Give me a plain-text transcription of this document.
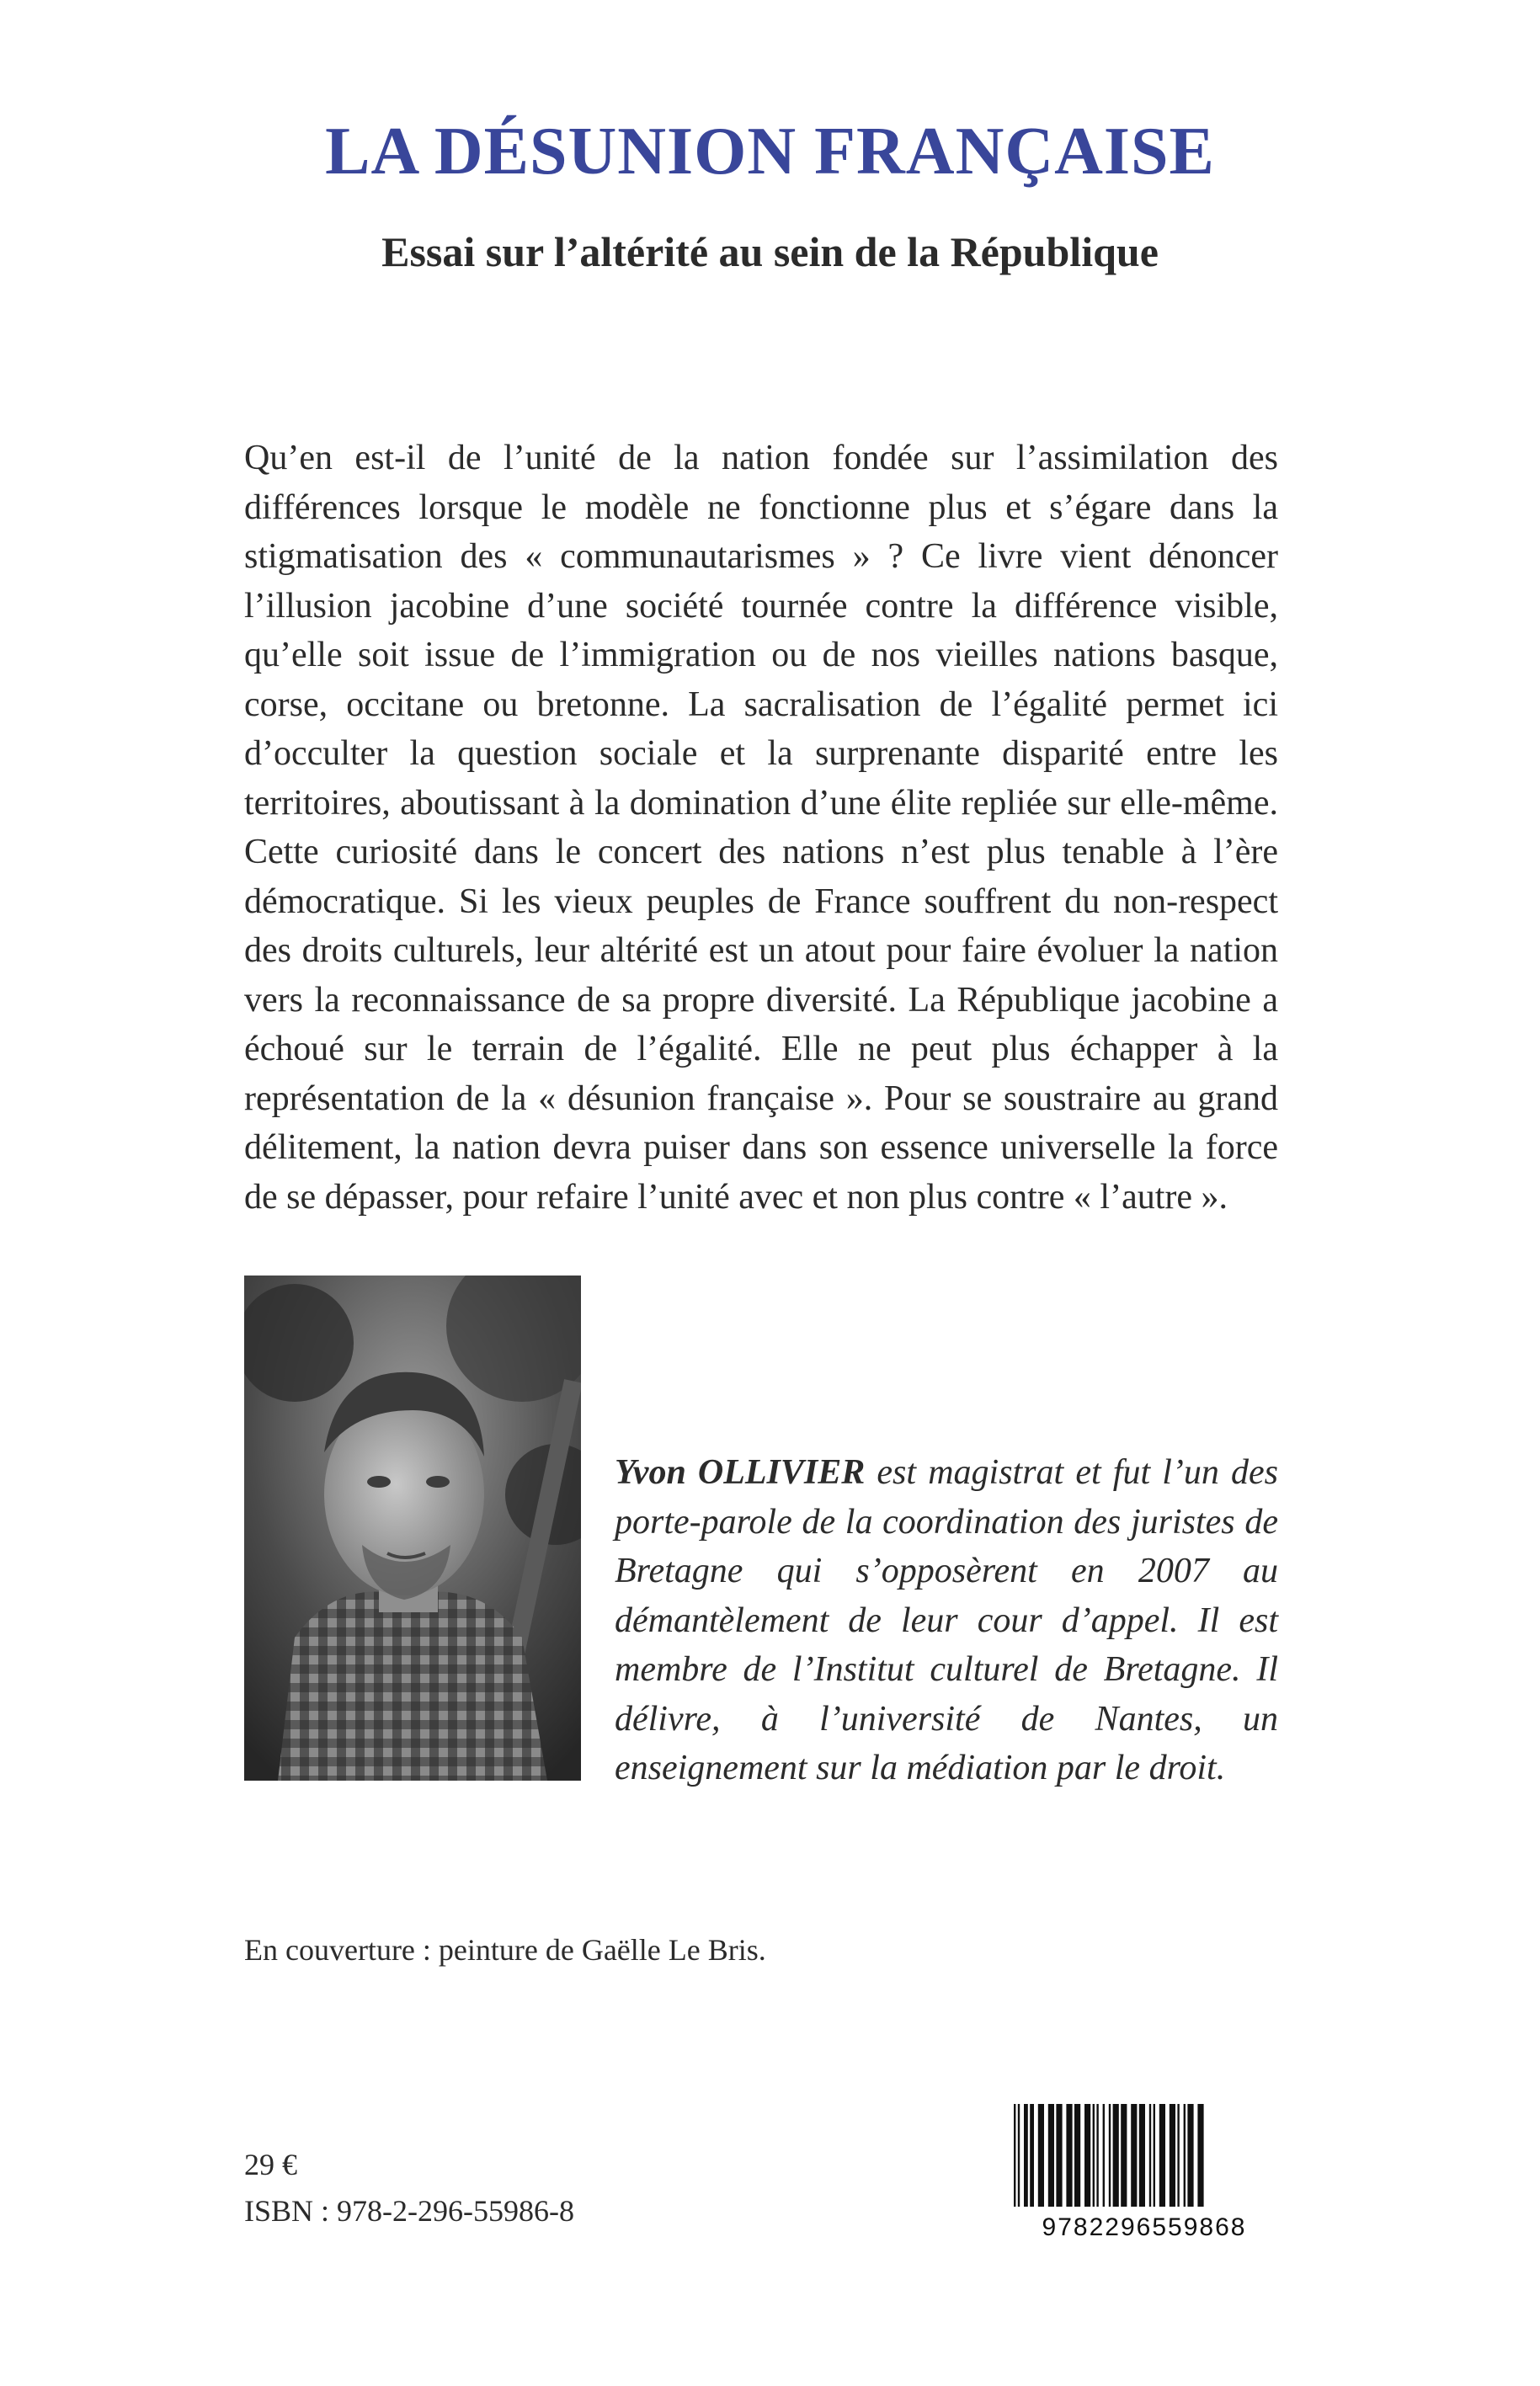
LA DÉSUNION FRANÇAISE
Essai sur l’altérité au sein de la République

Qu’en est-il de l’unité de la nation fondée sur l’assimilation des différences lorsque le modèle ne fonctionne plus et s’égare dans la stigmatisation des « communautarismes » ? Ce livre vient dénoncer l’illusion jacobine d’une société tournée contre la différence visible, qu’elle soit issue de l’immigration ou de nos vieilles nations basque, corse, occitane ou bretonne. La sacralisation de l’égalité permet ici d’occulter la question sociale et la surprenante disparité entre les territoires, aboutissant à la domination d’une élite repliée sur elle-même. Cette curiosité dans le concert des nations n’est plus tenable à l’ère démocratique. Si les vieux peuples de France souffrent du non-respect des droits culturels, leur altérité est un atout pour faire évoluer la nation vers la reconnaissance de sa propre diversité. La République jacobine a échoué sur le terrain de l’égalité. Elle ne peut plus échapper à la représentation de la « désunion française ». Pour se soustraire au grand délitement, la nation devra puiser dans son essence universelle la force de se dépasser, pour refaire l’unité avec et non plus contre « l’autre ».

Yvon OLLIVIER est magistrat et fut l’un des porte-parole de la coordination des juristes de Bretagne qui s’opposèrent en 2007 au démantèlement de leur cour d’appel. Il est membre de l’Institut culturel de Bretagne. Il délivre, à l’université de Nantes, un enseignement sur la médiation par le droit.

En couverture : peinture de Gaëlle Le Bris.

29 €

ISBN : 978-2-296-55986-8	9782296559868
